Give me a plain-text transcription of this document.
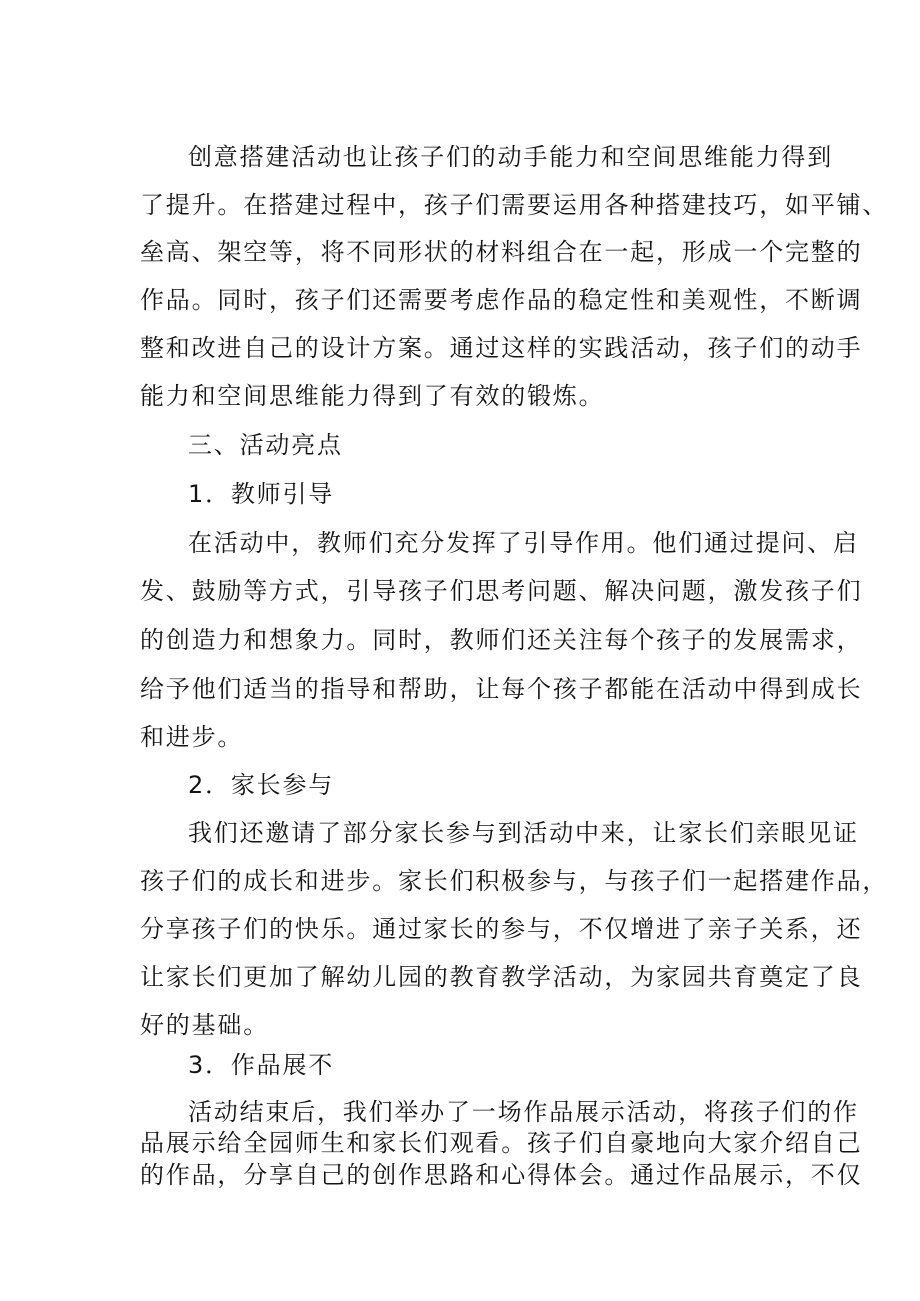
创意搭建活动也让孩子们的动手能力和空间思维能力得到
了提升。在搭建过程中，孩子们需要运用各种搭建技巧，如平铺、
垒高、架空等，将不同形状的材料组合在一起，形成一个完整的
作品。同时，孩子们还需要考虑作品的稳定性和美观性，不断调
整和改进自己的设计方案。通过这样的实践活动，孩子们的动手
能力和空间思维能力得到了有效的锻炼。
三、活动亮点
1．教师引导
在活动中，教师们充分发挥了引导作用。他们通过提问、启
发、鼓励等方式，引导孩子们思考问题、解决问题，激发孩子们
的创造力和想象力。同时，教师们还关注每个孩子的发展需求，
给予他们适当的指导和帮助，让每个孩子都能在活动中得到成长
和进步。
2．家长参与
我们还邀请了部分家长参与到活动中来，让家长们亲眼见证
孩子们的成长和进步。家长们积极参与，与孩子们一起搭建作品，
分享孩子们的快乐。通过家长的参与，不仅增进了亲子关系，还
让家长们更加了解幼儿园的教育教学活动，为家园共育奠定了良
好的基础。
3．作品展不
活动结束后，我们举办了一场作品展示活动，将孩子们的作
品展示给全园师生和家长们观看。孩子们自豪地向大家介绍自己
的作品，分享自己的创作思路和心得体会。通过作品展示，不仅
